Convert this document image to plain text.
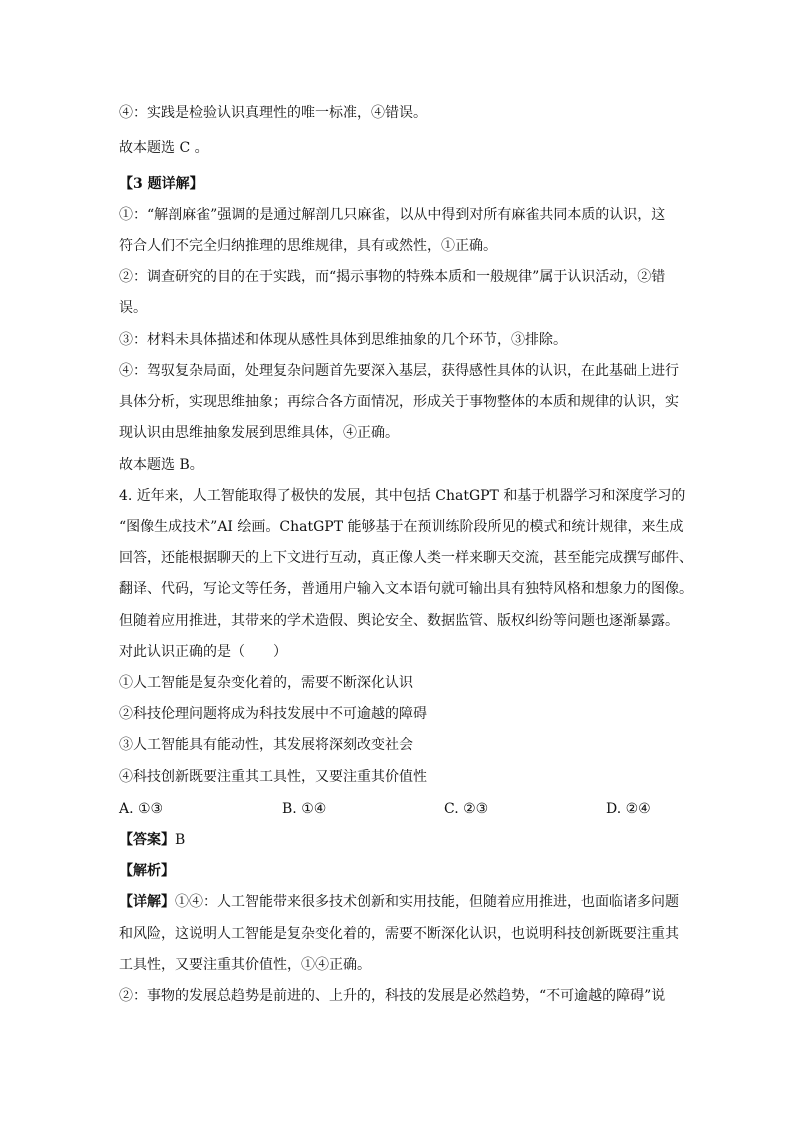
④：实践是检验认识真理性的唯一标准，④错误。
故本题选 C 。
【3 题详解】
①：“解剖麻雀”强调的是通过解剖几只麻雀，以从中得到对所有麻雀共同本质的认识，这
符合人们不完全归纳推理的思维规律，具有或然性，①正确。
②：调查研究的目的在于实践，而“揭示事物的特殊本质和一般规律”属于认识活动，②错
误。
③：材料未具体描述和体现从感性具体到思维抽象的几个环节，③排除。
④：驾驭复杂局面，处理复杂问题首先要深入基层，获得感性具体的认识，在此基础上进行
具体分析，实现思维抽象；再综合各方面情况，形成关于事物整体的本质和规律的认识，实
现认识由思维抽象发展到思维具体，④正确。
故本题选 B。
4. 近年来，人工智能取得了极快的发展，其中包括 ChatGPT 和基于机器学习和深度学习的
“图像生成技术”AI 绘画。ChatGPT 能够基于在预训练阶段所见的模式和统计规律，来生成
回答，还能根据聊天的上下文进行互动，真正像人类一样来聊天交流，甚至能完成撰写邮件、
翻译、代码，写论文等任务，普通用户输入文本语句就可输出具有独特风格和想象力的图像。
但随着应用推进，其带来的学术造假、舆论安全、数据监管、版权纠纷等问题也逐渐暴露。
对此认识正确的是（　　）
①人工智能是复杂变化着的，需要不断深化认识
②科技伦理问题将成为科技发展中不可逾越的障碍
③人工智能具有能动性，其发展将深刻改变社会
④科技创新既要注重其工具性，又要注重其价值性
A. ①③	B. ①④	C. ②③	D. ②④
【答案】B
【解析】
【详解】①④：人工智能带来很多技术创新和实用技能，但随着应用推进，也面临诸多问题
和风险，这说明人工智能是复杂变化着的，需要不断深化认识，也说明科技创新既要注重其
工具性，又要注重其价值性，①④正确。
②：事物的发展总趋势是前进的、上升的，科技的发展是必然趋势，“不可逾越的障碍”说
